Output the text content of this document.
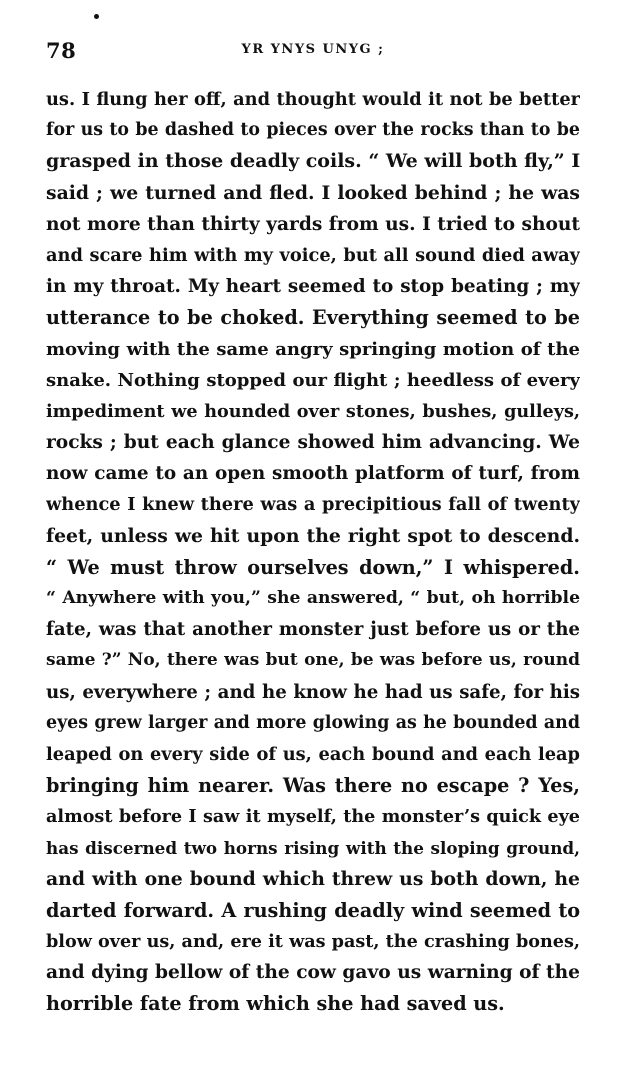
78	YR YNYS UNYG ;
us. I flung her off, and thought would it not be better
for us to be dashed to pieces over the rocks than to be
grasped in those deadly coils. “ We will both fly,” I
said ; we turned and fled. I looked behind ; he was
not more than thirty yards from us. I tried to shout
and scare him with my voice, but all sound died away
in my throat. My heart seemed to stop beating ; my
utterance to be choked. Everything seemed to be
moving with the same angry springing motion of the
snake. Nothing stopped our flight ; heedless of every
impediment we hounded over stones, bushes, gulleys,
rocks ; but each glance showed him advancing. We
now came to an open smooth platform of turf, from
whence I knew there was a precipitious fall of twenty
feet, unless we hit upon the right spot to descend.
“ We must throw ourselves down,” I whispered.
“ Anywhere with you,” she answered, “ but, oh horrible
fate, was that another monster just before us or the
same ?” No, there was but one, be was before us, round
us, everywhere ; and he know he had us safe, for his
eyes grew larger and more glowing as he bounded and
leaped on every side of us, each bound and each leap
bringing him nearer. Was there no escape ? Yes,
almost before I saw it myself, the monster’s quick eye
has discerned two horns rising with the sloping ground,
and with one bound which threw us both down, he
darted forward. A rushing deadly wind seemed to
blow over us, and, ere it was past, the crashing bones,
and dying bellow of the cow gavo us warning of the
horrible fate from which she had saved us.
